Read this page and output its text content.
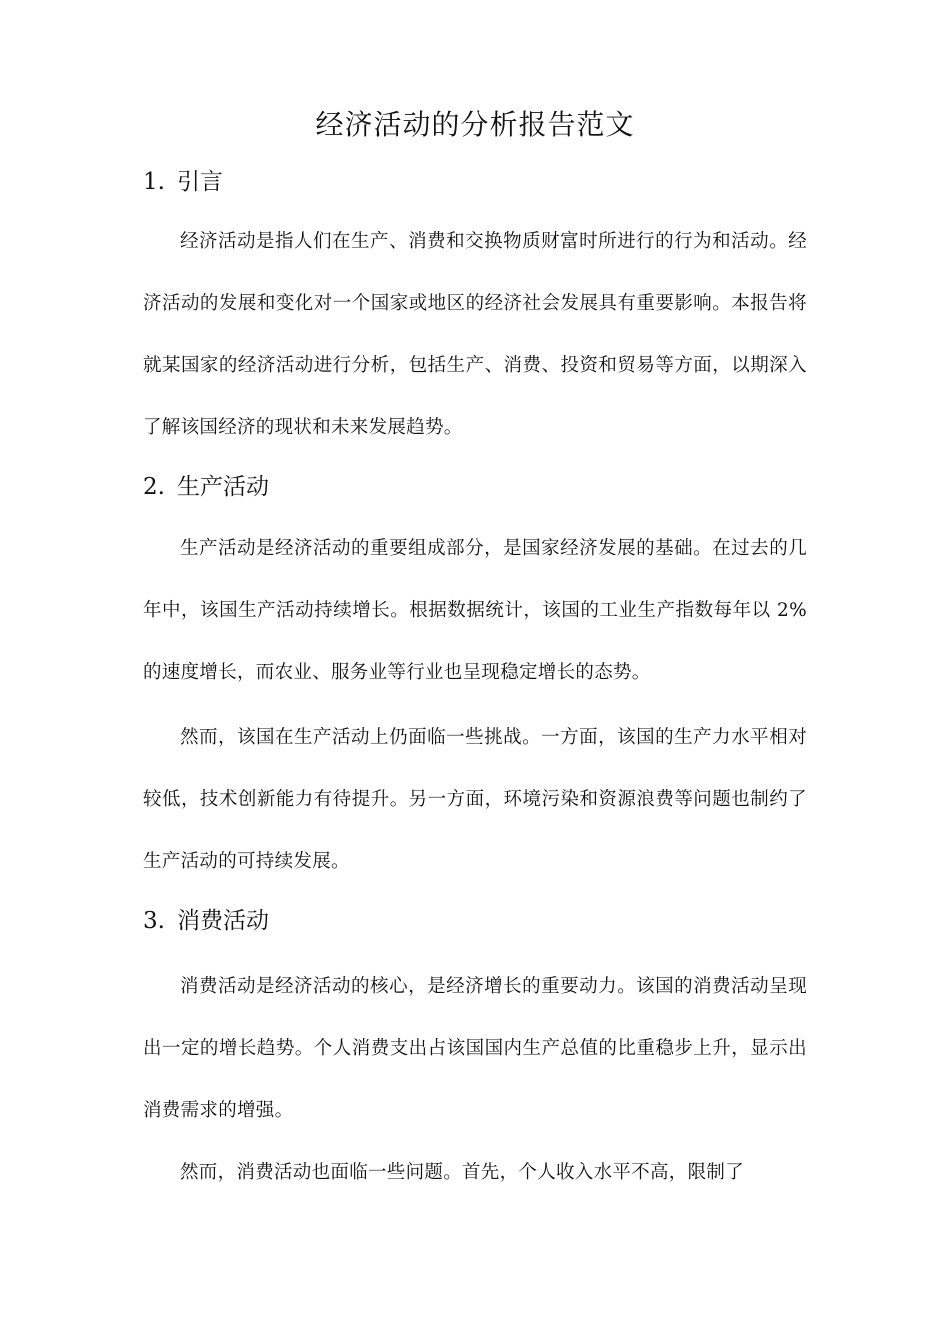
经济活动的分析报告范文
1. 引言

经济活动是指人们在生产、消费和交换物质财富时所进行的行为和活动。经济活动的发展和变化对一个国家或地区的经济社会发展具有重要影响。本报告将就某国家的经济活动进行分析，包括生产、消费、投资和贸易等方面，以期深入了解该国经济的现状和未来发展趋势。

2. 生产活动

生产活动是经济活动的重要组成部分，是国家经济发展的基础。在过去的几年中，该国生产活动持续增长。根据数据统计，该国的工业生产指数每年以 2% 的速度增长，而农业、服务业等行业也呈现稳定增长的态势。

然而，该国在生产活动上仍面临一些挑战。一方面，该国的生产力水平相对较低，技术创新能力有待提升。另一方面，环境污染和资源浪费等问题也制约了生产活动的可持续发展。

3. 消费活动

消费活动是经济活动的核心，是经济增长的重要动力。该国的消费活动呈现出一定的增长趋势。个人消费支出占该国国内生产总值的比重稳步上升，显示出消费需求的增强。

然而，消费活动也面临一些问题。首先，个人收入水平不高，限制了
